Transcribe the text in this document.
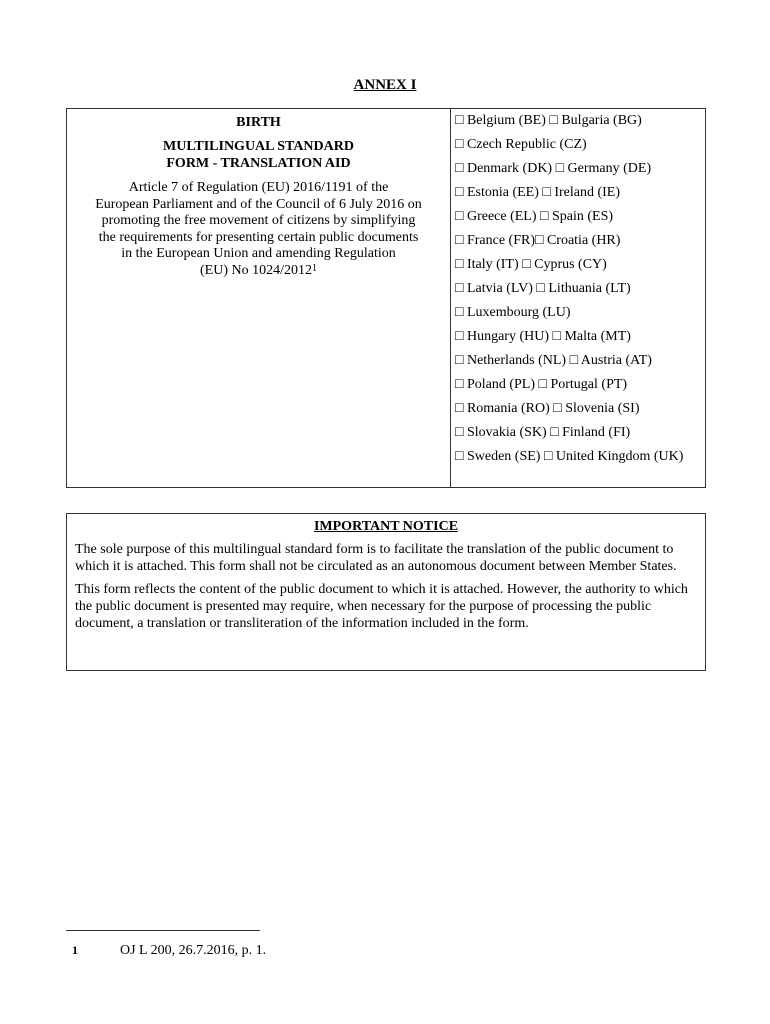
ANNEX I
BIRTH
MULTILINGUAL STANDARD
FORM - TRANSLATION AID
Article 7 of Regulation (EU) 2016/1191 of the
European Parliament and of the Council of 6 July 2016 on
promoting the free movement of citizens by simplifying
the requirements for presenting certain public documents
in the European Union and amending Regulation
(EU) No 1024/2012$^1$
□ Belgium (BE) □ Bulgaria (BG)
□ Czech Republic (CZ)
□ Denmark (DK) □ Germany (DE)
□ Estonia (EE) □ Ireland (IE)
□ Greece (EL) □ Spain (ES)
□ France (FR)□ Croatia (HR)
□ Italy (IT) □ Cyprus (CY)
□ Latvia (LV) □ Lithuania (LT)
□ Luxembourg (LU)
□ Hungary (HU) □ Malta (MT)
□ Netherlands (NL) □ Austria (AT)
□ Poland (PL) □ Portugal (PT)
□ Romania (RO) □ Slovenia (SI)
□ Slovakia (SK) □ Finland (FI)
□ Sweden (SE) □ United Kingdom (UK)
IMPORTANT NOTICE

The sole purpose of this multilingual standard form is to facilitate the translation of the public document to which it is attached. This form shall not be circulated as an autonomous document between Member States.

This form reflects the content of the public document to which it is attached. However, the authority to which the public document is presented may require, when necessary for the purpose of processing the public document, a translation or transliteration of the information included in the form.

1	OJ L 200, 26.7.2016, p. 1.
